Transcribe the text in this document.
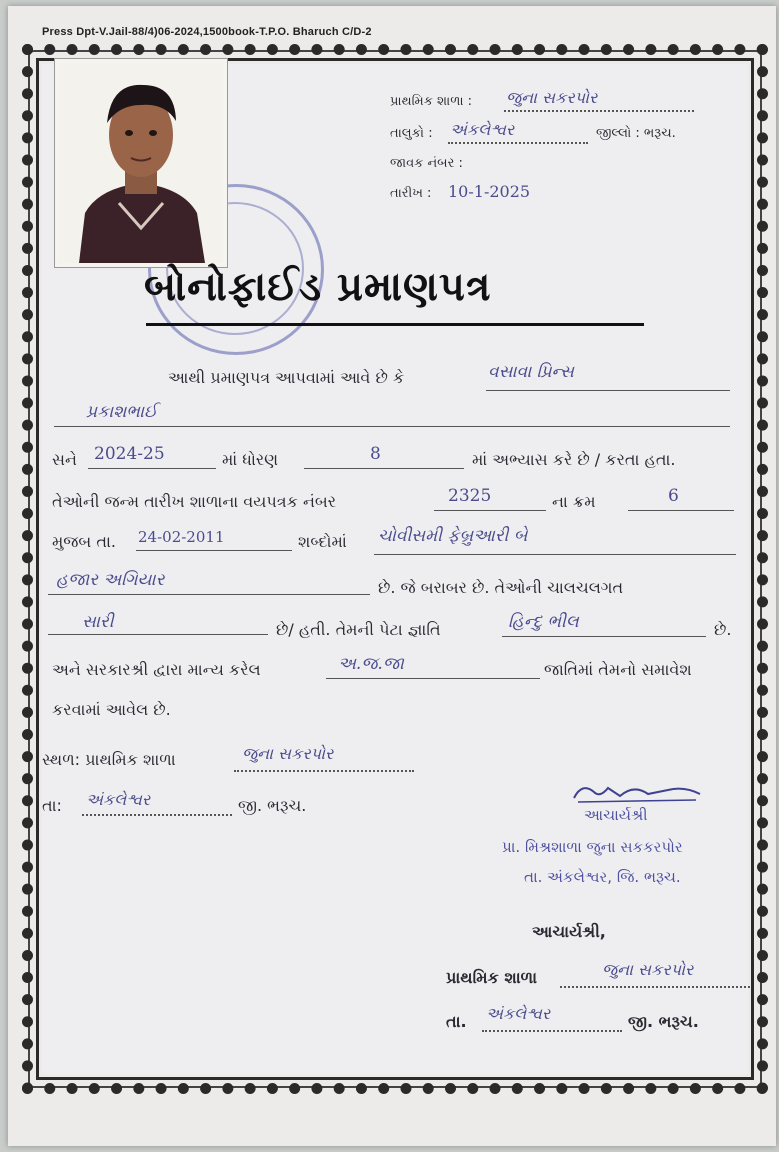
Press Dpt-V.Jail-88/4)06-2024,1500book-T.P.O. Bharuch C/D-2
પ્રાથમિક શાળા : જુના સકરપોર
તાલુકો : અંકલેશ્વર	જીલ્લો : ભરૂચ.
જાવક નંબર :
તારીખ : 10-1-2025
બોનોફાઈડ પ્રમાણપત્ર
આથી પ્રમાણપત્ર આપવામાં આવે છે કે	વસાવા પ્રિન્સ
પ્રકાશભાઈ
સને 2024-25	માં ધોરણ	8	માં અભ્યાસ કરે છે / કરતા હતા.
તેઓની જન્મ તારીખ શાળાના વયપત્રક નંબર	2325	ના ક્રમ	6
મુજબ તા. 24-02-2011	શબ્દોમાં ચોવીસમી ફેબ્રુઆરી બે
હજાર અગિયાર	છે. જે બરાબર છે. તેઓની ચાલચલગત
સારી	છે/ હતી. તેમની પેટા જ્ઞાતિ	હિન્દુ ભીલ	છે.
અને સરકારશ્રી દ્વારા માન્ય કરેલ	અ.જ.જા	જાતિમાં તેમનો સમાવેશ
કરવામાં આવેલ છે.
સ્થળ: પ્રાથમિક શાળા	જુના સકરપોર
તા: અંકલેશ્વર	જી. ભરૂચ.	આચાર્યશ્રી
પ્રા. મિશ્રશાળા જુના સકકરપોર
તા. અંકલેશ્વર, જિ. ભરૂચ.
આચાર્યશ્રી,
પ્રાથમિક શાળા	જુના સકરપોર
તા. અંકલેશ્વર	જી. ભરૂચ.
